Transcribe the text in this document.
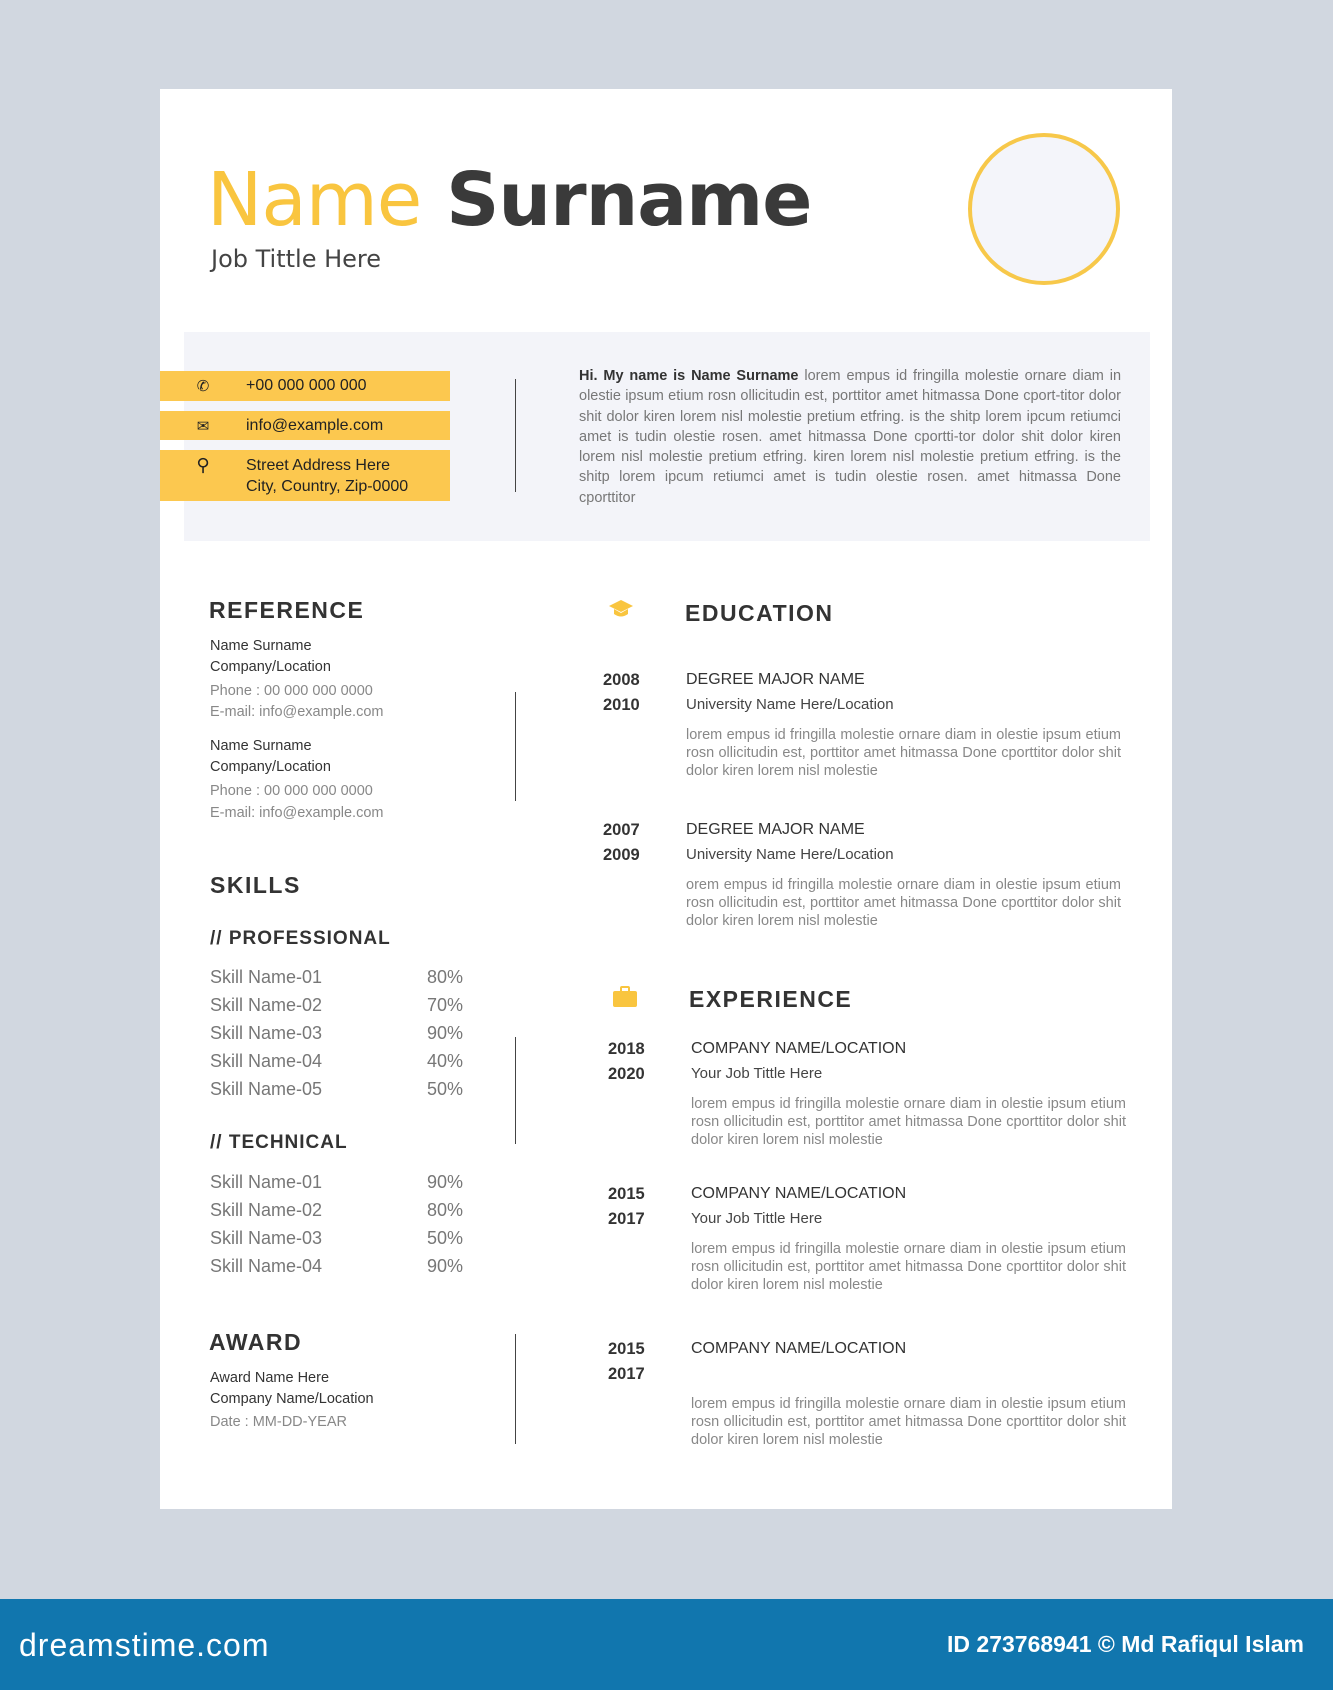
Name Surname
Job Tittle Here
✆	+00 000 000 000
✉	info@example.com
⚲	Street Address Here
City, Country, Zip-0000
Hi. My name is Name Surname lorem empus id fringilla molestie ornare diam in olestie ipsum etium rosn ollicitudin est, porttitor amet hitmassa Done cport-titor dolor shit dolor kiren lorem nisl molestie pretium etfring. is the shitp lorem ipcum retiumci amet is tudin olestie rosen. amet hitmassa Done cportti-tor dolor shit dolor kiren lorem nisl molestie pretium etfring. kiren lorem nisl molestie pretium etfring. is the shitp lorem ipcum retiumci amet is tudin olestie rosen. amet hitmassa Done cporttitor
REFERENCE
Name Surname
Company/Location
Phone : 00 000 000 0000
E-mail: info@example.com
Name Surname
Company/Location
Phone : 00 000 000 0000
E-mail: info@example.com
SKILLS
// PROFESSIONAL
// TECHNICAL
AWARD
Award Name Here
Company Name/Location
Date : MM-DD-YEAR
EDUCATION
EXPERIENCE
dreamstime.com	ID 273768941 © Md Rafiqul Islam
Skill Name-01	80%
Skill Name-02	70%
Skill Name-03	90%
Skill Name-04	40%
Skill Name-05	50%
Skill Name-01	90%
Skill Name-02	80%
Skill Name-03	50%
Skill Name-04	90%
2008
2010
DEGREE MAJOR NAME
University Name Here/Location
lorem empus id fringilla molestie ornare diam in olestie ipsum etium rosn ollicitudin est, porttitor amet hitmassa Done cporttitor dolor shit dolor kiren lorem nisl molestie
2007
2009
DEGREE MAJOR NAME
University Name Here/Location
orem empus id fringilla molestie ornare diam in olestie ipsum etium rosn ollicitudin est, porttitor amet hitmassa Done cporttitor dolor shit dolor kiren lorem nisl molestie
2018
2020
COMPANY NAME/LOCATION
Your Job Tittle Here
lorem empus id fringilla molestie ornare diam in olestie ipsum etium rosn ollicitudin est, porttitor amet hitmassa Done cporttitor dolor shit dolor kiren lorem nisl molestie
2015
2017
COMPANY NAME/LOCATION
Your Job Tittle Here
lorem empus id fringilla molestie ornare diam in olestie ipsum etium rosn ollicitudin est, porttitor amet hitmassa Done cporttitor dolor shit dolor kiren lorem nisl molestie
2015
2017
COMPANY NAME/LOCATION
lorem empus id fringilla molestie ornare diam in olestie ipsum etium rosn ollicitudin est, porttitor amet hitmassa Done cporttitor dolor shit dolor kiren lorem nisl molestie
